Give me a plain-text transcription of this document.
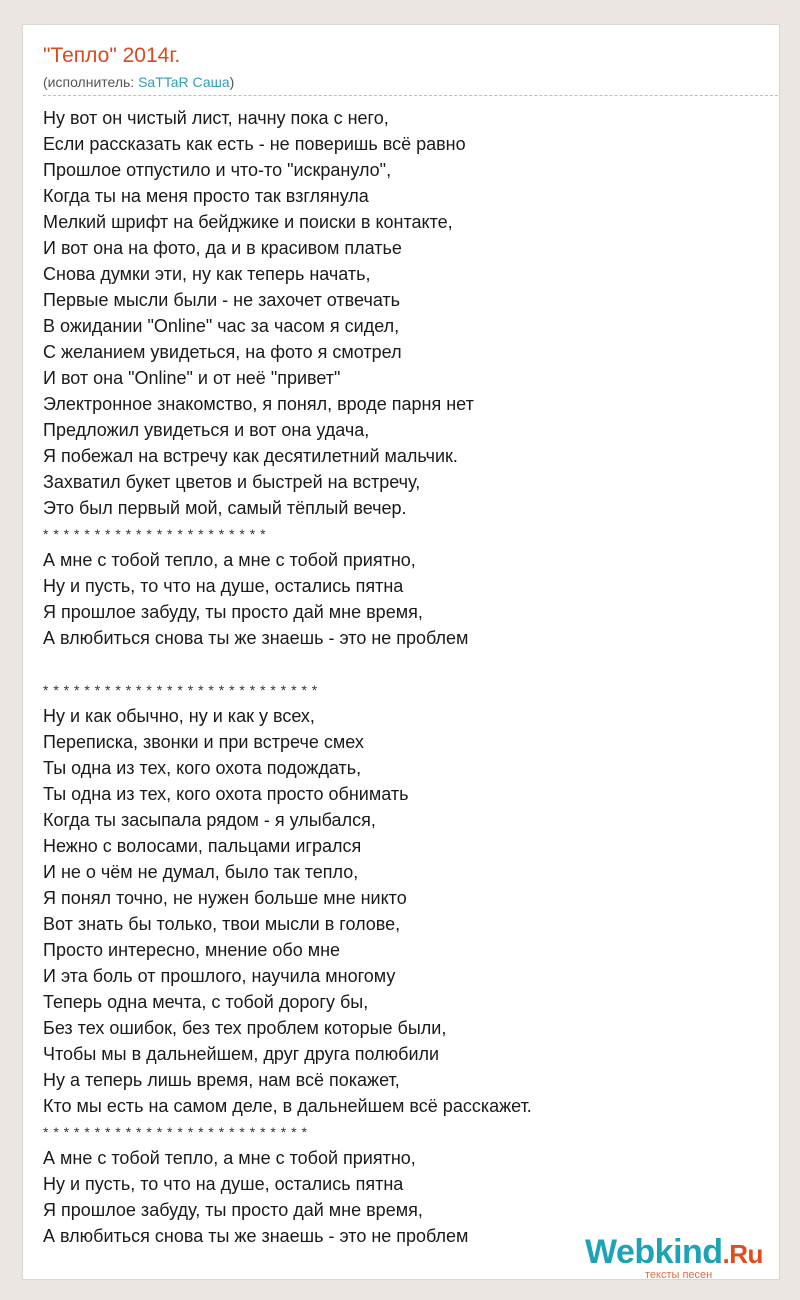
"Тепло" 2014г.
(исполнитель: SaTTaR Саша)
Ну вот он чистый лист, начну пока с него,
Если рассказать как есть - не поверишь всё равно
Прошлое отпустило и что-то "искрануло",
Когда ты на меня просто так взглянула
Мелкий шрифт на бейджике и поиски в контакте,
И вот она на фото, да и в красивом платье
Снова думки эти, ну как теперь начать,
Первые мысли были - не захочет отвечать
В ожидании "Online" час за часом я сидел,
С желанием увидеться, на фото я смотрел
И вот она "Online" и от неё "привет"
Электронное знакомство, я понял, вроде парня нет
Предложил увидеться и вот она удача,
Я побежал на встречу как десятилетний мальчик.
Захватил букет цветов и быстрей на встречу,
Это был первый мой, самый тёплый вечер.
* * * * * * * * * * * * * * * * * * * * * *
А мне с тобой тепло, а мне с тобой приятно,
Ну и пусть, то что на душе, остались пятна
Я прошлое забуду, ты просто дай мне время,
А влюбиться снова ты же знаешь - это не проблем
* * * * * * * * * * * * * * * * * * * * * * * * * * *
Ну и как обычно, ну и как у всех,
Переписка, звонки и при встрече смех
Ты одна из тех, кого охота подождать,
Ты одна из тех, кого охота просто обнимать
Когда ты засыпала рядом - я улыбался,
Нежно с волосами, пальцами игрался
И не о чём не думал, было так тепло,
Я понял точно, не нужен больше мне никто
Вот знать бы только, твои мысли в голове,
Просто интересно, мнение обо мне
И эта боль от прошлого, научила многому
Теперь одна мечта, с тобой дорогу бы,
Без тех ошибок, без тех проблем которые были,
Чтобы мы в дальнейшем, друг друга полюбили
Ну а теперь лишь время, нам всё покажет,
Кто мы есть на самом деле, в дальнейшем всё расскажет.
* * * * * * * * * * * * * * * * * * * * * * * * * *
А мне с тобой тепло, а мне с тобой приятно,
Ну и пусть, то что на душе, остались пятна
Я прошлое забуду, ты просто дай мне время,
А влюбиться снова ты же знаешь - это не проблем	Webkind.Ru
тексты песен
